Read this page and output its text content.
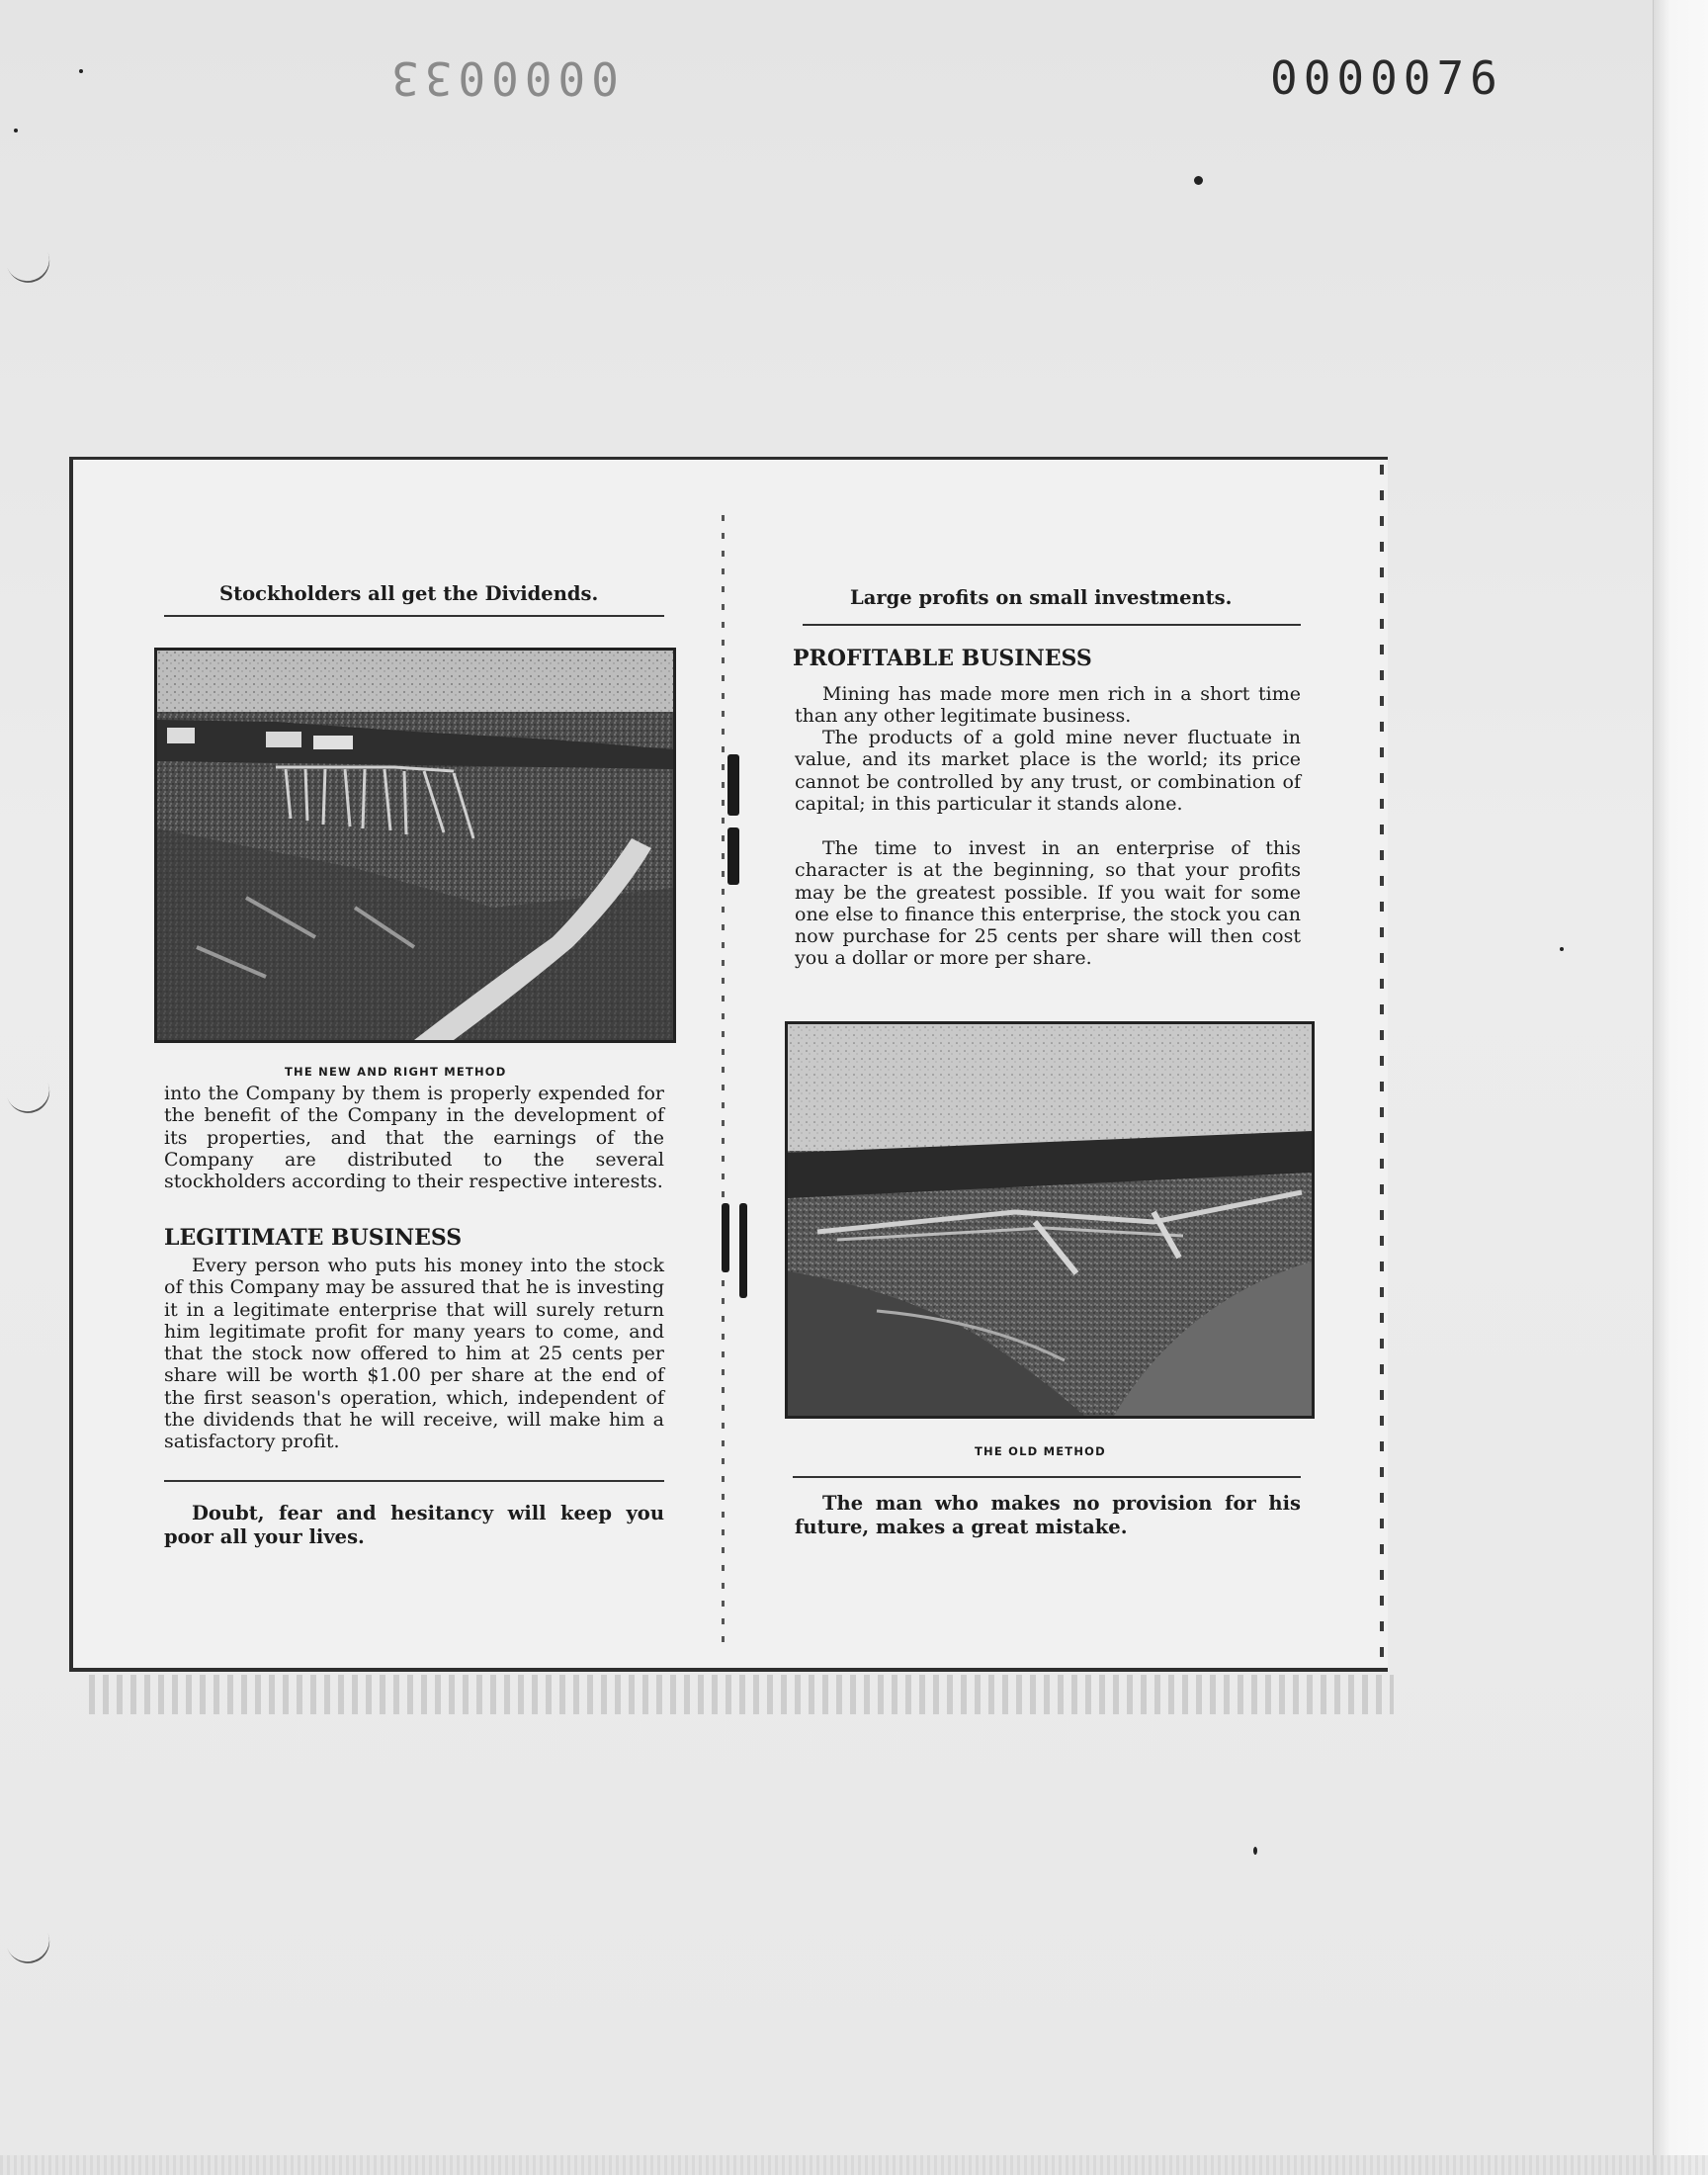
0000033	0000076
Stockholders all get the Dividends.
THE NEW AND RIGHT METHOD
into the Company by them is properly expended for the benefit of the Company in the development of its properties, and that the earnings of the Company are distributed to the several stockholders according to their respective interests.
LEGITIMATE BUSINESS
Every person who puts his money into the stock of this Company may be assured that he is investing it in a legitimate enterprise that will surely return him legitimate profit for many years to come, and that the stock now offered to him at 25 cents per share will be worth $1.00 per share at the end of the first season's operation, which, independent of the dividends that he will receive, will make him a satisfactory profit.
Doubt, fear and hesitancy will keep you poor all your lives.
Large profits on small investments.
PROFITABLE BUSINESS
Mining has made more men rich in a short time than any other legitimate business.
The products of a gold mine never fluctuate in value, and its market place is the world; its price cannot be controlled by any trust, or combination of capital; in this particular it stands alone.
The time to invest in an enterprise of this character is at the beginning, so that your profits may be the greatest possible. If you wait for some one else to finance this enterprise, the stock you can now purchase for 25 cents per share will then cost you a dollar or more per share.
THE OLD METHOD
The man who makes no provision for his future, makes a great mistake.
